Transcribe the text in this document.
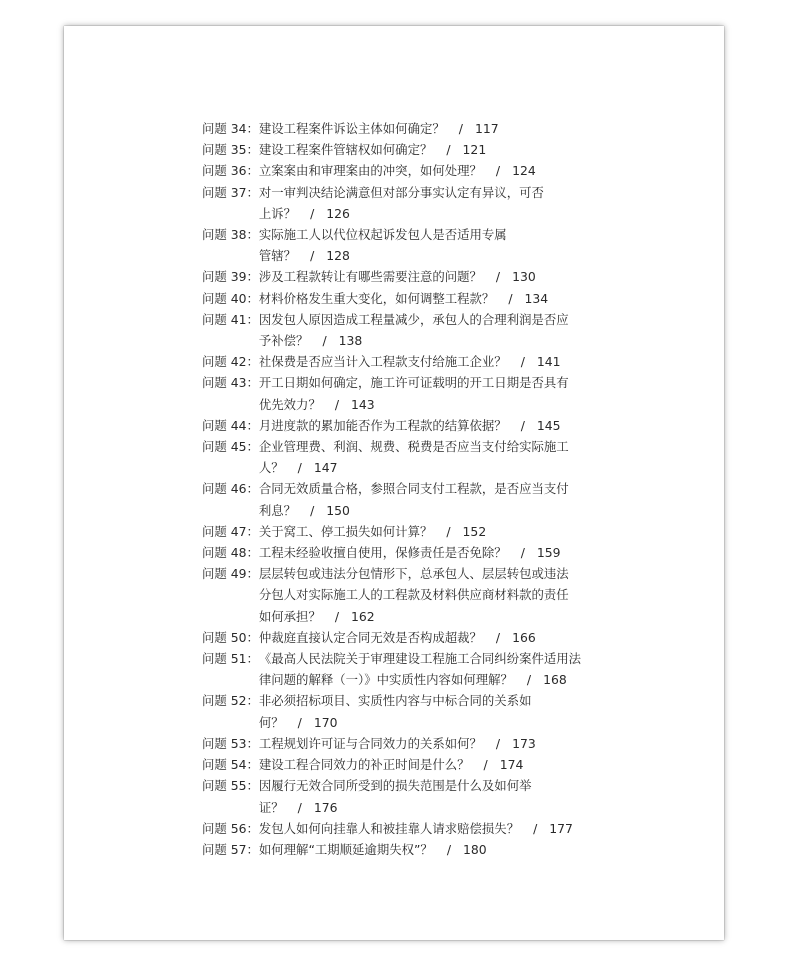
问题 34： 建设工程案件诉讼主体如何确定？ / 117
问题 35： 建设工程案件管辖权如何确定？ / 121
问题 36： 立案案由和审理案由的冲突，如何处理？ / 124
问题 37： 对一审判决结论满意但对部分事实认定有异议，可否
上诉？ / 126
问题 38： 实际施工人以代位权起诉发包人是否适用专属
管辖？ / 128
问题 39： 涉及工程款转让有哪些需要注意的问题？ / 130
问题 40： 材料价格发生重大变化，如何调整工程款？ / 134
问题 41： 因发包人原因造成工程量减少，承包人的合理利润是否应
予补偿？ / 138
问题 42： 社保费是否应当计入工程款支付给施工企业？ / 141
问题 43： 开工日期如何确定，施工许可证载明的开工日期是否具有
优先效力？ / 143
问题 44： 月进度款的累加能否作为工程款的结算依据？ / 145
问题 45： 企业管理费、利润、规费、税费是否应当支付给实际施工
人？ / 147
问题 46： 合同无效质量合格，参照合同支付工程款，是否应当支付
利息？ / 150
问题 47： 关于窝工、停工损失如何计算？ / 152
问题 48： 工程未经验收擅自使用，保修责任是否免除？ / 159
问题 49： 层层转包或违法分包情形下，总承包人、层层转包或违法
分包人对实际施工人的工程款及材料供应商材料款的责任
如何承担？ / 162
问题 50： 仲裁庭直接认定合同无效是否构成超裁？ / 166
问题 51： 《最高人民法院关于审理建设工程施工合同纠纷案件适用法
律问题的解释（一）》中实质性内容如何理解？ / 168
问题 52： 非必须招标项目、实质性内容与中标合同的关系如
何？ / 170
问题 53： 工程规划许可证与合同效力的关系如何？ / 173
问题 54： 建设工程合同效力的补正时间是什么？ / 174
问题 55： 因履行无效合同所受到的损失范围是什么及如何举
证？ / 176
问题 56： 发包人如何向挂靠人和被挂靠人请求赔偿损失？ / 177
问题 57： 如何理解“工期顺延逾期失权”？ / 180
